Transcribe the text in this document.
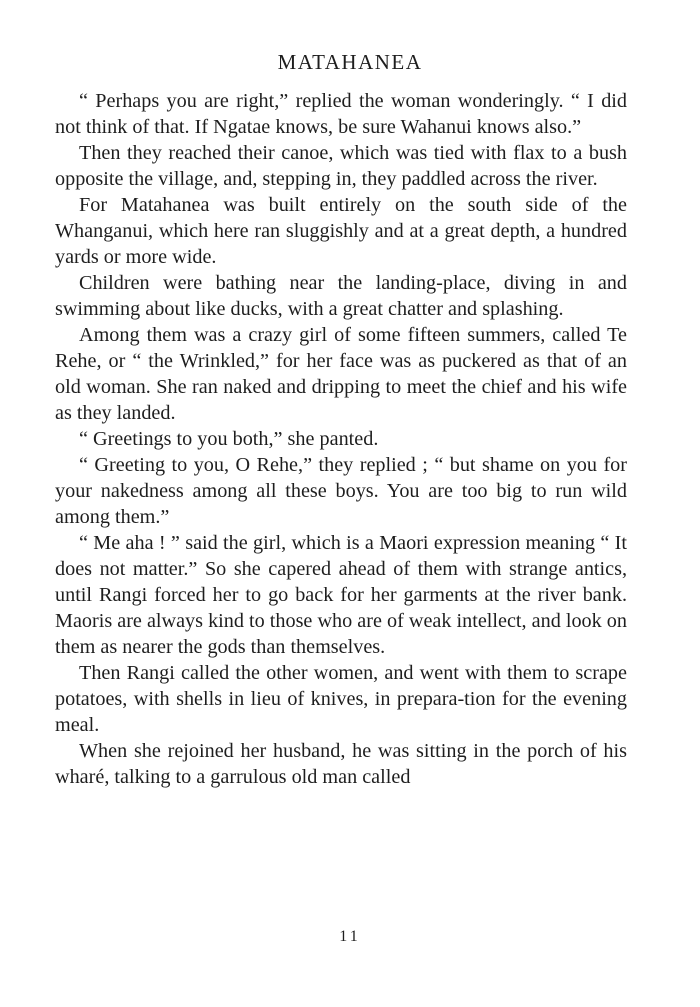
MATAHANEA

“ Perhaps you are right,” replied the woman wonderingly. “ I did not think of that. If Ngatae knows, be sure Wahanui knows also.”

Then they reached their canoe, which was tied with flax to a bush opposite the village, and, stepping in, they paddled across the river.

For Matahanea was built entirely on the south side of the Whanganui, which here ran sluggishly and at a great depth, a hundred yards or more wide.

Children were bathing near the landing-place, diving in and swimming about like ducks, with a great chatter and splashing.

Among them was a crazy girl of some fifteen summers, called Te Rehe, or “ the Wrinkled,” for her face was as puckered as that of an old woman. She ran naked and dripping to meet the chief and his wife as they landed.

“ Greetings to you both,” she panted.

“ Greeting to you, O Rehe,” they replied ; “ but shame on you for your nakedness among all these boys. You are too big to run wild among them.”

“ Me aha ! ” said the girl, which is a Maori expression meaning “ It does not matter.” So she capered ahead of them with strange antics, until Rangi forced her to go back for her garments at the river bank. Maoris are always kind to those who are of weak intellect, and look on them as nearer the gods than themselves.

Then Rangi called the other women, and went with them to scrape potatoes, with shells in lieu of knives, in prepara-tion for the evening meal.

When she rejoined her husband, he was sitting in the porch of his wharé, talking to a garrulous old man called

11
